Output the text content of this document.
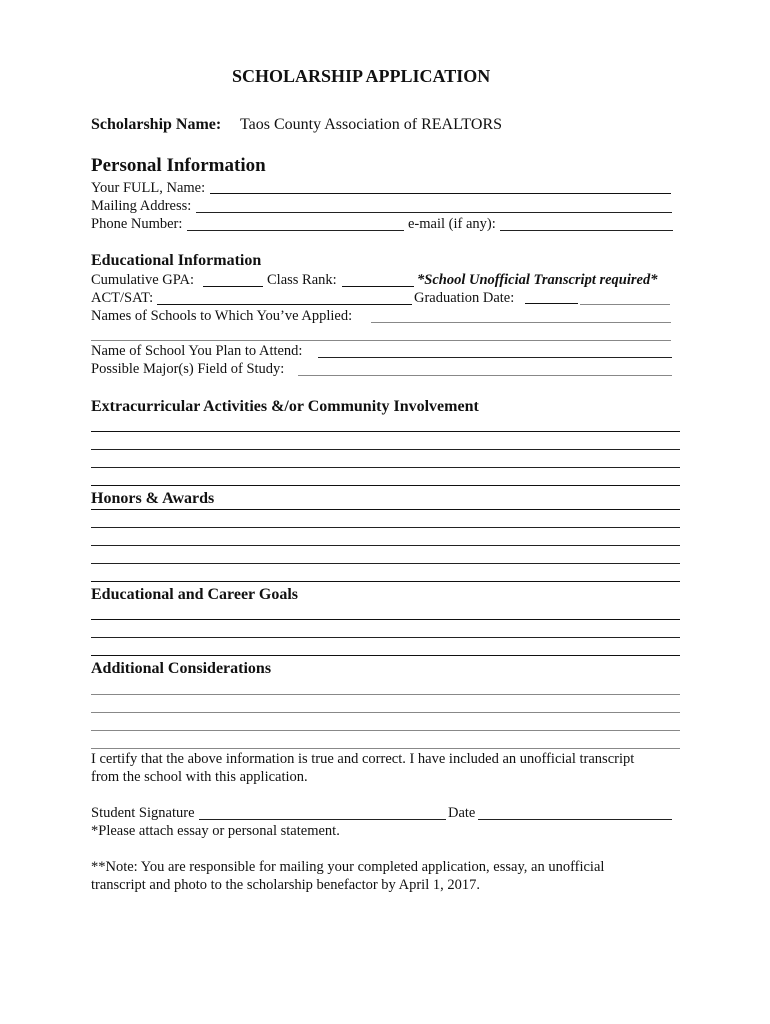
SCHOLARSHIP APPLICATION
Scholarship Name: Taos County Association of REALTORS
Personal Information
Your FULL, Name:
Mailing Address:
Phone Number:	e-mail (if any):
Educational Information
Cumulative GPA:	Class Rank:	*School Unofficial Transcript required*
ACT/SAT:	Graduation Date:
Names of Schools to Which You’ve Applied:
Name of School You Plan to Attend:
Possible Major(s) Field of Study:
Extracurricular Activities &/or Community Involvement
Honors & Awards
Educational and Career Goals
Additional Considerations
I certify that the above information is true and correct. I have included an unofficial transcript
from the school with this application.
Student Signature	Date
*Please attach essay or personal statement.
**Note: You are responsible for mailing your completed application, essay, an unofficial
transcript and photo to the scholarship benefactor by April 1, 2017.
